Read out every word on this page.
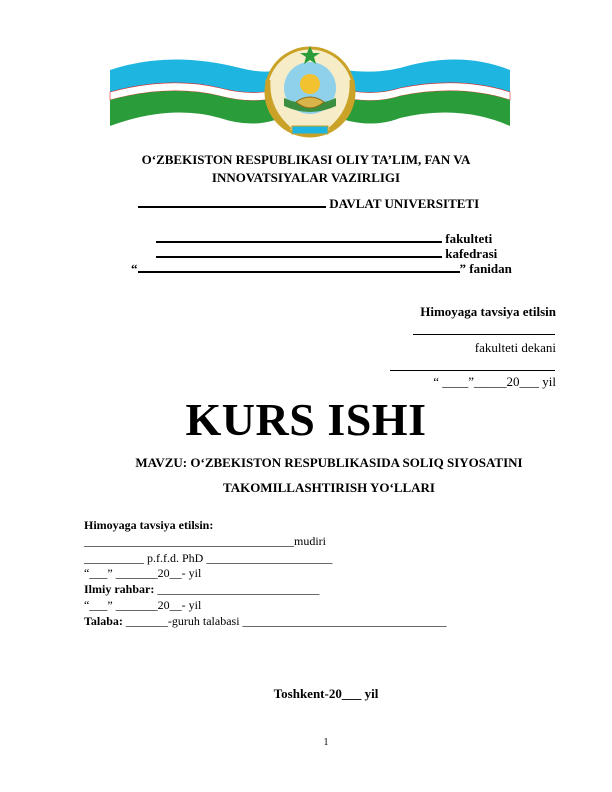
O‘ZBEKISTON RESPUBLIKASI OLIY TA’LIM, FAN VA
INNOVATSIYALAR VAZIRLIGI
DAVLAT UNIVERSITETI
fakulteti
kafedrasi
“	” fanidan
Himoyaga tavsiya etilsin
fakulteti dekani
“ ____”_____20___ yil
KURS ISHI
MAVZU: O‘ZBEKISTON RESPUBLIKASIDA SOLIQ SIYOSATINI
TAKOMILLASHTIRISH YO‘LLARI
Himoyaga tavsiya etilsin:
___________________________________mudiri
__________ p.f.f.d. PhD _____________________
“___” _______20__- yil
Ilmiy rahbar: ___________________________
“___” _______20__- yil
Talaba: _______-guruh talabasi __________________________________
Toshkent-20___ yil
1
